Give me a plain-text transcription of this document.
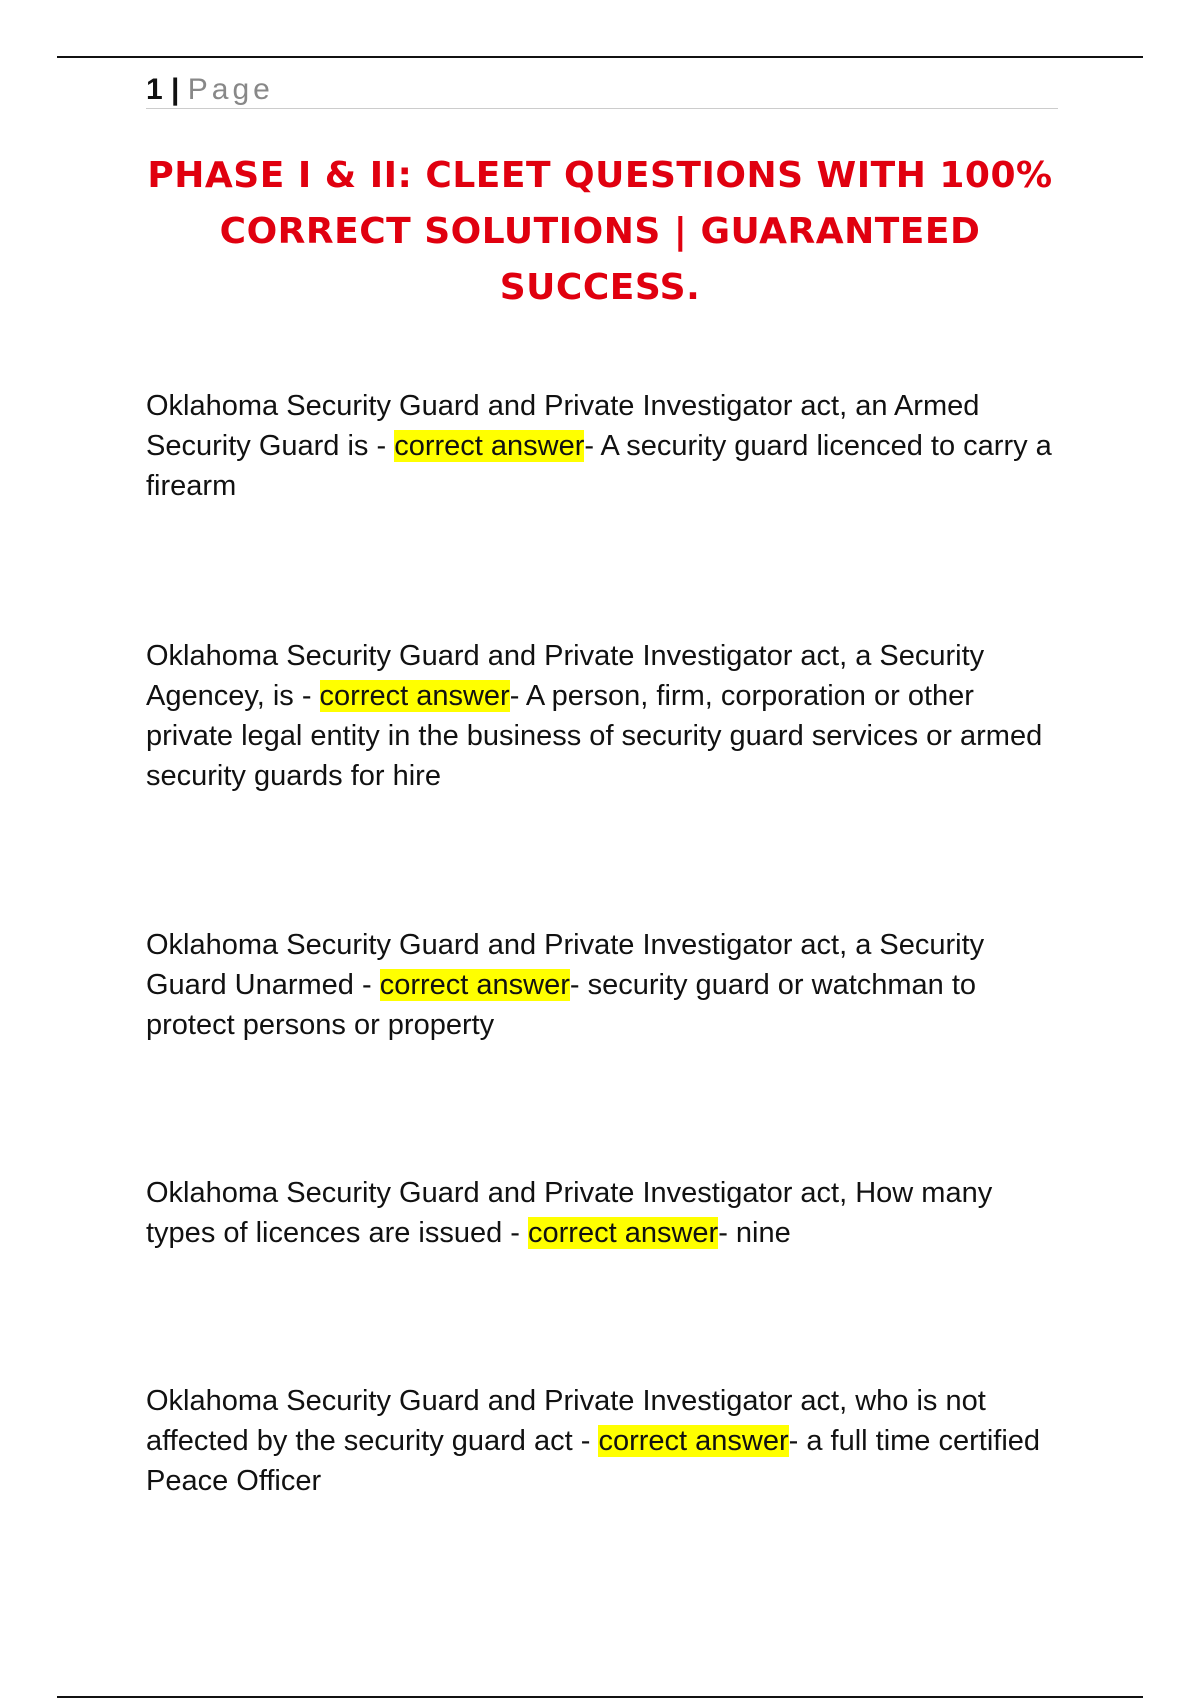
1 | Page
PHASE I & II: CLEET QUESTIONS WITH 100% CORRECT SOLUTIONS | GUARANTEED SUCCESS.
Oklahoma Security Guard and Private Investigator act, an Armed Security Guard is - correct answer- A security guard licenced to carry a firearm
Oklahoma Security Guard and Private Investigator act, a Security Agencey, is - correct answer- A person, firm, corporation or other private legal entity in the business of security guard services or armed security guards for hire
Oklahoma Security Guard and Private Investigator act, a Security Guard Unarmed - correct answer- security guard or watchman to protect persons or property
Oklahoma Security Guard and Private Investigator act, How many types of licences are issued - correct answer- nine
Oklahoma Security Guard and Private Investigator act, who is not affected by the security guard act - correct answer- a full time certified Peace Officer
